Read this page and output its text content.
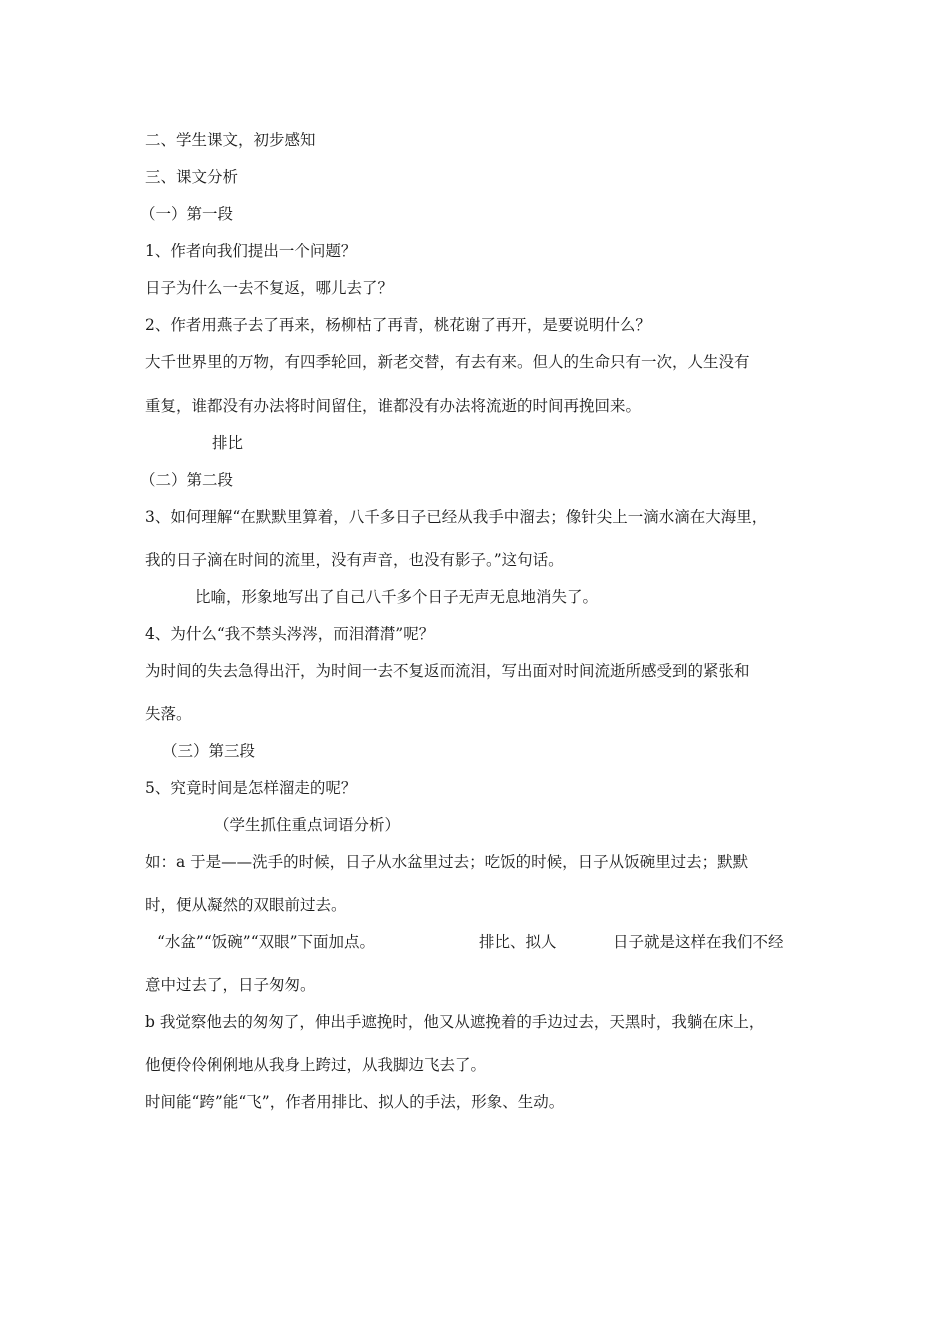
二、学生课文，初步感知

三、课文分析

（一）第一段

1、作者向我们提出一个问题？

日子为什么一去不复返，哪儿去了？

2、作者用燕子去了再来，杨柳枯了再青，桃花谢了再开，是要说明什么？

大千世界里的万物，有四季轮回，新老交替，有去有来。但人的生命只有一次，人生没有

重复，谁都没有办法将时间留住，谁都没有办法将流逝的时间再挽回来。

排比

（二）第二段

3、如何理解“在默默里算着，八千多日子已经从我手中溜去；像针尖上一滴水滴在大海里，

我的日子滴在时间的流里，没有声音，也没有影子。”这句话。

比喻，形象地写出了自己八千多个日子无声无息地消失了。

4、为什么“我不禁头涔涔，而泪潸潸”呢？

为时间的失去急得出汗，为时间一去不复返而流泪，写出面对时间流逝所感受到的紧张和

失落。

（三）第三段

5、究竟时间是怎样溜走的呢？

（学生抓住重点词语分析）

如：a 于是——洗手的时候，日子从水盆里过去；吃饭的时候，日子从饭碗里过去；默默

时，便从凝然的双眼前过去。

“水盆”“饭碗”“双眼”下面加点。	排比、拟人	日子就是这样在我们不经

意中过去了，日子匆匆。

b 我觉察他去的匆匆了，伸出手遮挽时，他又从遮挽着的手边过去，天黑时，我躺在床上，

他便伶伶俐俐地从我身上跨过，从我脚边飞去了。

时间能“跨”能“飞”，作者用排比、拟人的手法，形象、生动。
